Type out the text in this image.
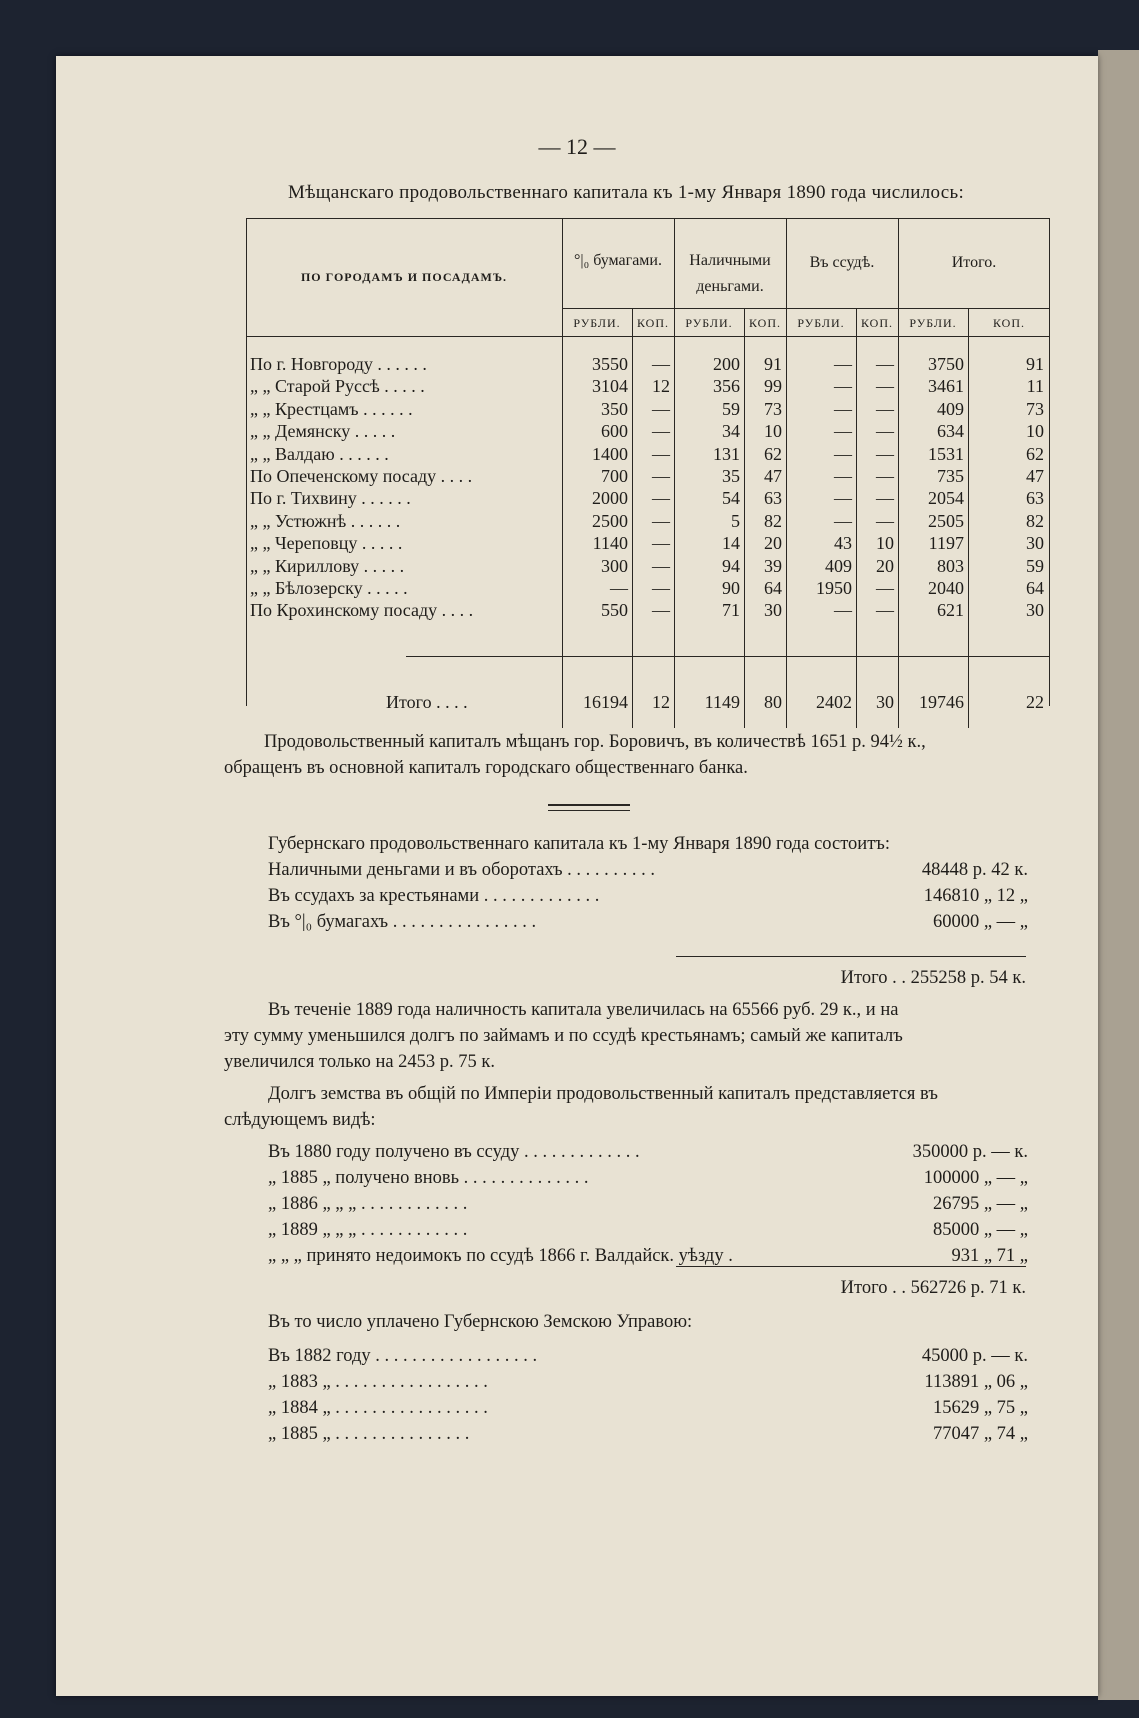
— 12 —
Мѣщанскаго продовольственнаго капитала къ 1-му Января 1890 года числилось:
ПО ГОРОДАМЪ И ПОСАДАМЪ.
°|₀ бумагами.	Наличными деньгами.
Въ ссудѣ.	Итого.
РУБЛИ.	КОП.	РУБЛИ.	КОП.	РУБЛИ.	КОП.	РУБЛИ.	КОП.
По г. Новгороду . . . . . .	3550	—	200	91	—	—	3750	91
„ „ Старой Руссѣ . . . . .	3104	12	356	99	—	—	3461	11
„ „ Крестцамъ . . . . . .	350	—	59	73	—	—	409	73
„ „ Демянску . . . . .	600	—	34	10	—	—	634	10
„ „ Валдаю . . . . . .	1400	—	131	62	—	—	1531	62
По Опеченскому посаду . . . .	700	—	35	47	—	—	735	47
По г. Тихвину . . . . . .	2000	—	54	63	—	—	2054	63
„ „ Устюжнѣ . . . . . .	2500	—	5	82	—	—	2505	82
„ „ Череповцу . . . . .	1140	—	14	20	43	10	1197	30
„ „ Кириллову . . . . .	300	—	94	39	409	20	803	59
„ „ Бѣлозерску . . . . .	—	—	90	64	1950	—	2040	64
По Крохинскому посаду . . . .	550	—	71	30	—	—	621	30
Итого . . . .	16194	12	1149	80	2402	30	19746	22
Продовольственный капиталъ мѣщанъ гор. Боровичъ, въ количествѣ 1651 р. 94½ к.,
обращенъ въ основной капиталъ городскаго общественнаго банка.
Губернскаго продовольственнаго капитала къ 1-му Января 1890 года состоитъ:
Наличными деньгами и въ оборотахъ . . . . . . . . . .	48448 р. 42 к.
Въ ссудахъ за крестьянами . . . . . . . . . . . . .	146810 „ 12 „
Въ °|₀ бумагахъ . . . . . . . . . . . . . . . .	60000 „ — „
Итого . . 255258 р. 54 к.
Въ теченіе 1889 года наличность капитала увеличилась на 65566 руб. 29 к., и на
эту сумму уменьшился долгъ по займамъ и по ссудѣ крестьянамъ; самый же капиталъ
увеличился только на 2453 р. 75 к.
Долгъ земства въ общій по Имперіи продовольственный капиталъ представляется въ
слѣдующемъ видѣ:
Въ 1880 году получено въ ссуду . . . . . . . . . . . . .	350000 р. — к.
„ 1885 „ получено вновь . . . . . . . . . . . . . .	100000 „ — „
„ 1886 „ „ „ . . . . . . . . . . . .	26795 „ — „
„ 1889 „ „ „ . . . . . . . . . . . .	85000 „ — „
„ „ „ принято недоимокъ по ссудѣ 1866 г. Валдайск. уѣзду .	931 „ 71 „
Итого . . 562726 р. 71 к.
Въ то число уплачено Губернскою Земскою Управою:
Въ 1882 году . . . . . . . . . . . . . . . . . .	45000 р. — к.
„ 1883 „ . . . . . . . . . . . . . . . . .	113891 „ 06 „
„ 1884 „ . . . . . . . . . . . . . . . . .	15629 „ 75 „
„ 1885 „ . . . . . . . . . . . . . . .	77047 „ 74 „
